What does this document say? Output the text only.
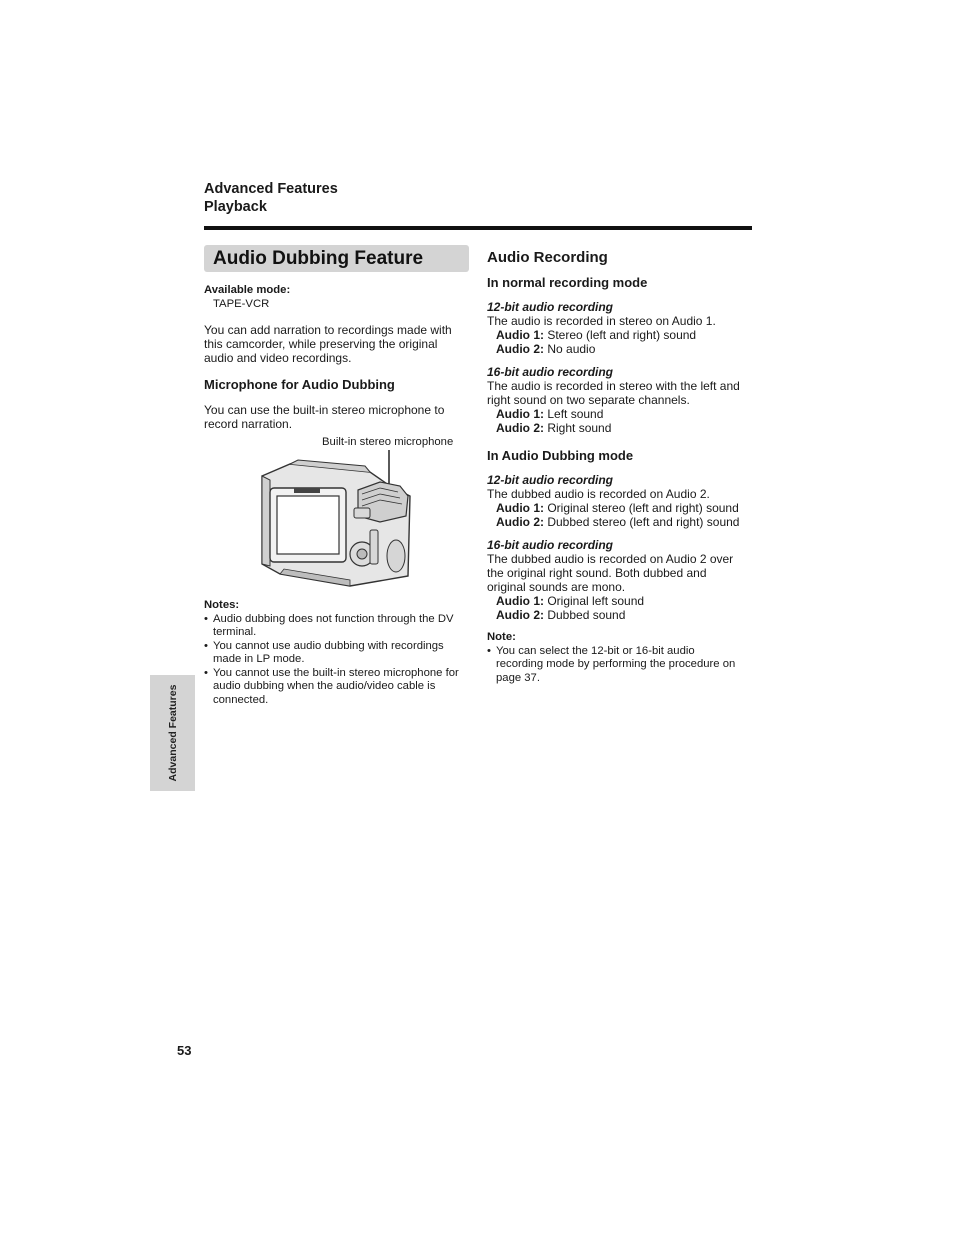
Advanced Features
Playback
Audio Dubbing Feature
Available mode:
TAPE-VCR
You can add narration to recordings made with
this camcorder, while preserving the original
audio and video recordings.
Microphone for Audio Dubbing
You can use the built-in stereo microphone to
record narration.
Built-in stereo microphone
Notes:
• Audio dubbing does not function through the DV
terminal.
• You cannot use audio dubbing with recordings
made in LP mode.
• You cannot use the built-in stereo microphone for
audio dubbing when the audio/video cable is
connected.
Audio Recording
In normal recording mode
12-bit audio recording
The audio is recorded in stereo on Audio 1.
Audio 1: Stereo (left and right) sound
Audio 2: No audio
16-bit audio recording
The audio is recorded in stereo with the left and
right sound on two separate channels.
Audio 1: Left sound
Audio 2: Right sound
In Audio Dubbing mode
12-bit audio recording
The dubbed audio is recorded on Audio 2.
Audio 1: Original stereo (left and right) sound
Audio 2: Dubbed stereo (left and right) sound
16-bit audio recording
The dubbed audio is recorded on Audio 2 over
the original right sound. Both dubbed and
original sounds are mono.
Audio 1: Original left sound
Audio 2: Dubbed sound
Note:
• You can select the 12-bit or 16-bit audio
recording mode by performing the procedure on
page 37.
Advanced Features
53
